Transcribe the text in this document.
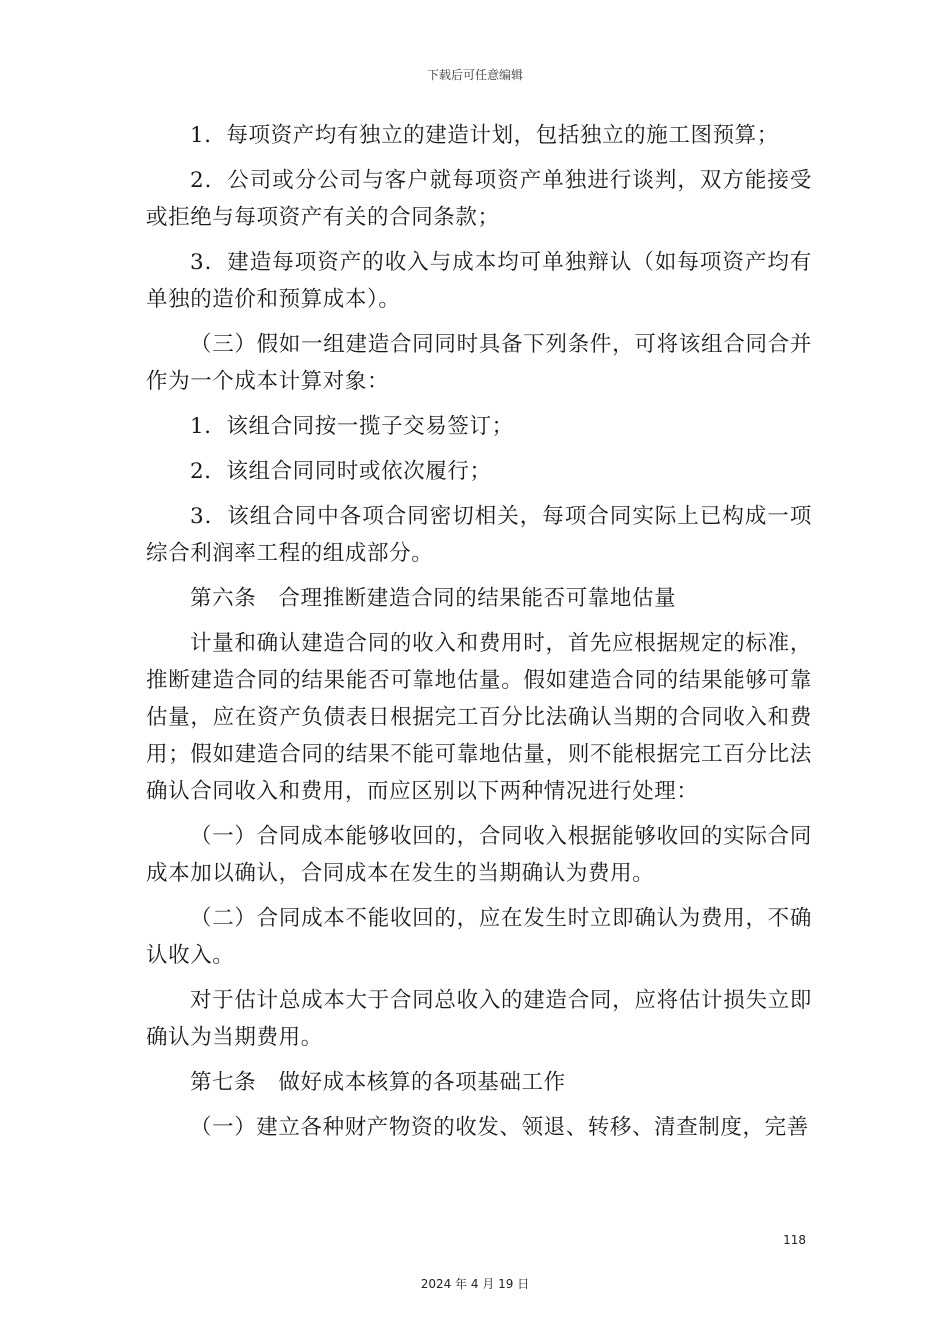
下载后可任意编辑

1．每项资产均有独立的建造计划，包括独立的施工图预算；

2．公司或分公司与客户就每项资产单独进行谈判，双方能接受或拒绝与每项资产有关的合同条款；

3．建造每项资产的收入与成本均可单独辩认（如每项资产均有单独的造价和预算成本）。

（三）假如一组建造合同同时具备下列条件，可将该组合同合并作为一个成本计算对象：

1．该组合同按一揽子交易签订；

2．该组合同同时或依次履行；

3．该组合同中各项合同密切相关，每项合同实际上已构成一项综合利润率工程的组成部分。

第六条　合理推断建造合同的结果能否可靠地估量

计量和确认建造合同的收入和费用时，首先应根据规定的标准，推断建造合同的结果能否可靠地估量。假如建造合同的结果能够可靠估量，应在资产负债表日根据完工百分比法确认当期的合同收入和费用；假如建造合同的结果不能可靠地估量，则不能根据完工百分比法确认合同收入和费用，而应区别以下两种情况进行处理：

（一）合同成本能够收回的，合同收入根据能够收回的实际合同成本加以确认，合同成本在发生的当期确认为费用。

（二）合同成本不能收回的，应在发生时立即确认为费用，不确认收入。

对于估计总成本大于合同总收入的建造合同，应将估计损失立即确认为当期费用。

第七条　做好成本核算的各项基础工作

（一）建立各种财产物资的收发、领退、转移、清查制度，完善

118
2024 年 4 月 19 日
